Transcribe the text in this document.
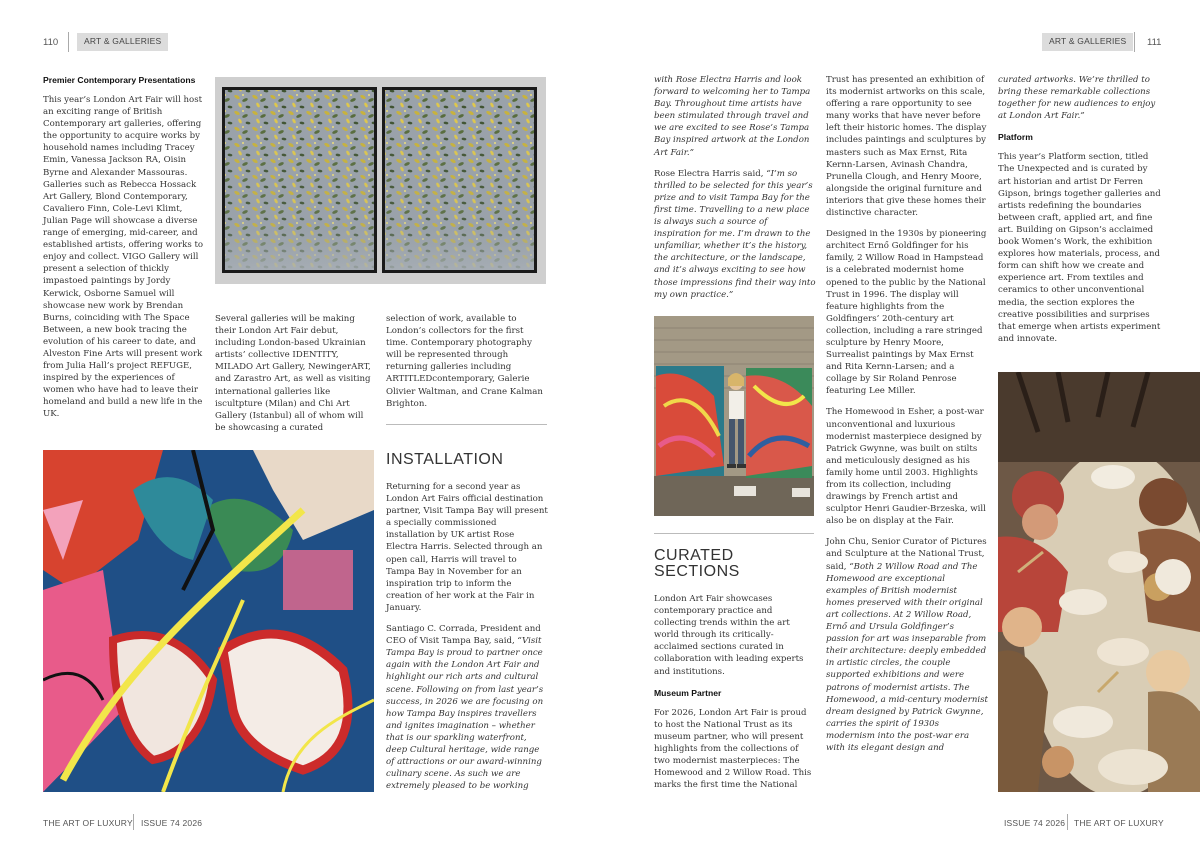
110	ART & GALLERIES	ART & GALLERIES	111
Premier Contemporary Presentations

This year’s London Art Fair will host an exciting range of British Contemporary art galleries, offering the opportunity to acquire works by household names including Tracey Emin, Vanessa Jackson RA, Oisin Byrne and Alexander Massouras. Galleries such as Rebecca Hossack Art Gallery, Blond Contemporary, Cavaliero Finn, Cole-Levi Klimt, Julian Page will showcase a diverse range of emerging, mid-career, and established artists, offering works to enjoy and collect. VIGO Gallery will present a selection of thickly impastoed paintings by Jordy Kerwick, Osborne Samuel will showcase new work by Brendan Burns, coinciding with The Space Between, a new book tracing the evolution of his career to date, and Alveston Fine Arts will present work from Julia Hall’s project REFUGE, inspired by the experiences of women who have had to leave their homeland and build a new life in the UK.

Several galleries will be making their London Art Fair debut, including London-based Ukrainian artists’ collective IDENTITY, MILADO Art Gallery, NewingerART, and Zarastro Art, as well as visiting international galleries like iscultpture (Milan) and Chi Art Gallery (Istanbul) all of whom will be showcasing a curated

selection of work, available to London’s collectors for the first time. Contemporary photography will be represented through returning galleries including ARTITLEDcontemporary, Galerie Olivier Waltman, and Crane Kalman Brighton.

INSTALLATION

Returning for a second year as London Art Fairs official destination partner, Visit Tampa Bay will present a specially commissioned installation by UK artist Rose Electra Harris. Selected through an open call, Harris will travel to Tampa Bay in November for an inspiration trip to inform the creation of her work at the Fair in January.

Santiago C. Corrada, President and CEO of Visit Tampa Bay, said, “Visit Tampa Bay is proud to partner once again with the London Art Fair and highlight our rich arts and cultural scene. Following on from last year’s success, in 2026 we are focusing on how Tampa Bay inspires travellers and ignites imagination – whether that is our sparkling waterfront, deep Cultural heritage, wide range of attractions or our award-winning culinary scene. As such we are extremely pleased to be working

THE ART OF LUXURY ISSUE 74 2026

with Rose Electra Harris and look forward to welcoming her to Tampa Bay. Throughout time artists have been stimulated through travel and we are excited to see Rose’s Tampa Bay inspired artwork at the London Art Fair.”

Rose Electra Harris said, “I’m so thrilled to be selected for this year’s prize and to visit Tampa Bay for the first time. Travelling to a new place is always such a source of inspiration for me. I’m drawn to the unfamiliar, whether it’s the history, the architecture, or the landscape, and it’s always exciting to see how those impressions find their way into my own practice.”

CURATED
SECTIONS

London Art Fair showcases contemporary practice and collecting trends within the art world through its critically-acclaimed sections curated in collaboration with leading experts and institutions.

Museum Partner

For 2026, London Art Fair is proud to host the National Trust as its museum partner, who will present highlights from the collections of two modernist masterpieces: The Homewood and 2 Willow Road. This marks the first time the National

Trust has presented an exhibition of its modernist artworks on this scale, offering a rare opportunity to see many works that have never before left their historic homes. The display includes paintings and sculptures by masters such as Max Ernst, Rita Kernn-Larsen, Avinash Chandra, Prunella Clough, and Henry Moore, alongside the original furniture and interiors that give these homes their distinctive character.

Designed in the 1930s by pioneering architect Ernő Goldfinger for his family, 2 Willow Road in Hampstead is a celebrated modernist home opened to the public by the National Trust in 1996. The display will feature highlights from the Goldfingers’ 20th-century art collection, including a rare stringed sculpture by Henry Moore, Surrealist paintings by Max Ernst and Rita Kernn-Larsen; and a collage by Sir Roland Penrose featuring Lee Miller.

The Homewood in Esher, a post-war unconventional and luxurious modernist masterpiece designed by Patrick Gwynne, was built on stilts and meticulously designed as his family home until 2003. Highlights from its collection, including drawings by French artist and sculptor Henri Gaudier-Brzeska, will also be on display at the Fair.

John Chu, Senior Curator of Pictures and Sculpture at the National Trust, said, “Both 2 Willow Road and The Homewood are exceptional examples of British modernist homes preserved with their original art collections. At 2 Willow Road, Ernő and Ursula Goldfinger’s passion for art was inseparable from their architecture: deeply embedded in artistic circles, the couple supported exhibitions and were patrons of modernist artists. The Homewood, a mid-century modernist dream designed by Patrick Gwynne, carries the spirit of 1930s modernism into the post-war era with its elegant design and

curated artworks. We’re thrilled to bring these remarkable collections together for new audiences to enjoy at London Art Fair.”

Platform

This year’s Platform section, titled The Unexpected and is curated by art historian and artist Dr Ferren Gipson, brings together galleries and artists redefining the boundaries between craft, applied art, and fine art. Building on Gipson’s acclaimed book Women’s Work, the exhibition explores how materials, process, and form can shift how we create and experience art. From textiles and ceramics to other unconventional media, the section explores the creative possibilities and surprises that emerge when artists experiment and innovate.

ISSUE 74 2026 THE ART OF LUXURY
